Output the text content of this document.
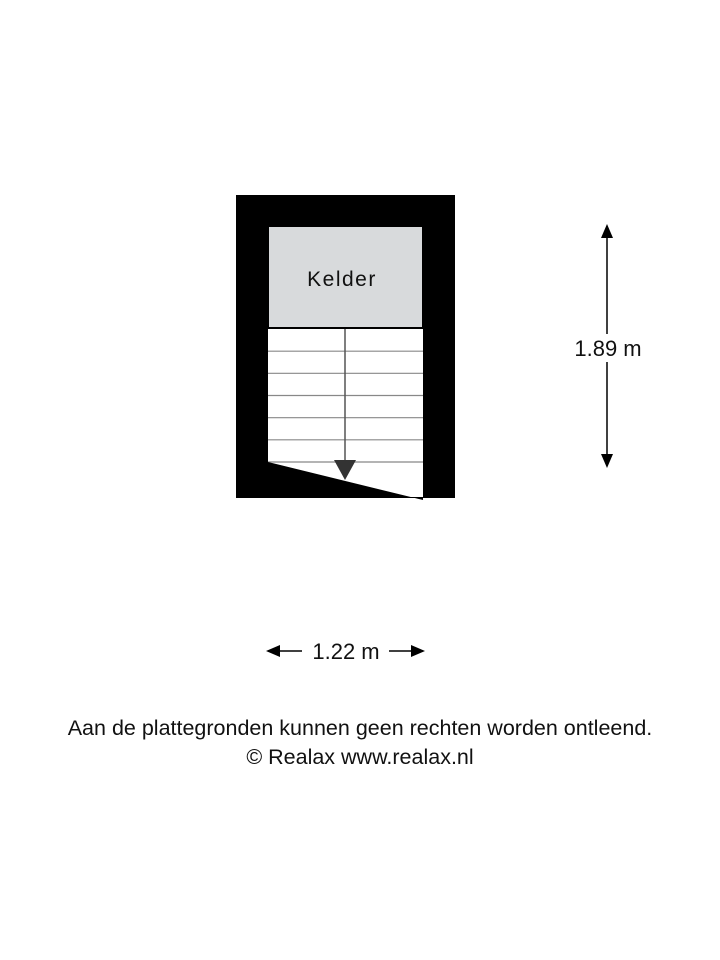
Kelder
1.89 m
1.22 m
Aan de plattegronden kunnen geen rechten worden ontleend.
© Realax www.realax.nl
